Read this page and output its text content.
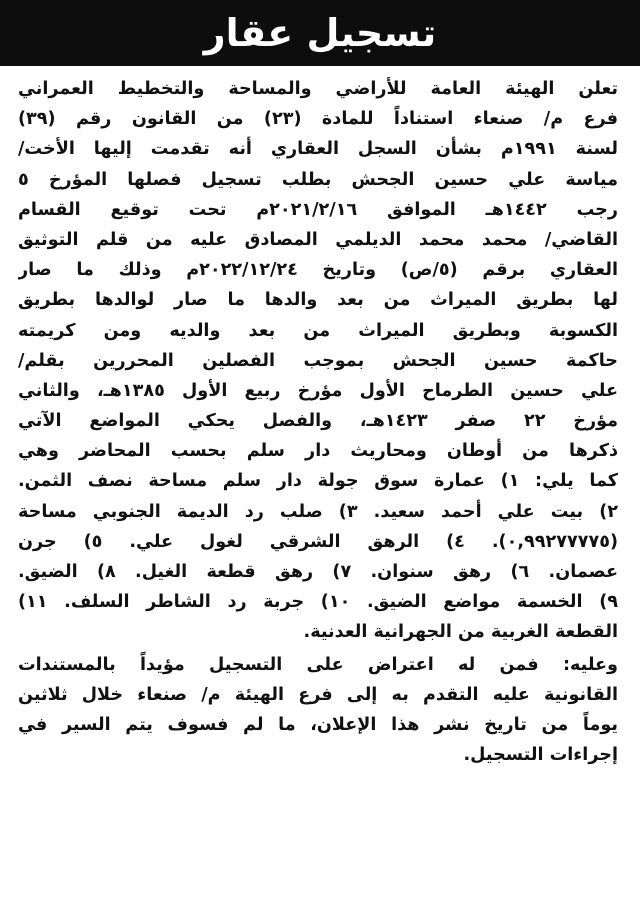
تسجيل عقار
تعلن الهيئة العامة للأراضي والمساحة والتخطيط العمراني
فرع م/ صنعاء استناداً للمادة (٢٣) من القانون رقم (٣٩)
لسنة ١٩٩١م بشأن السجل العقاري أنه تقدمت إليها الأخت/
مياسة علي حسين الجحش بطلب تسجيل فصلها المؤرخ ٥
رجب ١٤٤٢هـ الموافق ٢٠٢١/٢/١٦م تحت توقيع القسام
القاضي/ محمد محمد الديلمي المصادق عليه من قلم التوثيق
العقاري برقم (٥/ص) وتاريخ ٢٠٢٢/١٢/٢٤م وذلك ما صار
لها بطريق الميراث من بعد والدها ما صار لوالدها بطريق
الكسوبة وبطريق الميراث من بعد والديه ومن كريمته
حاكمة حسين الجحش بموجب الفصلين المحررين بقلم/
علي حسين الطرماح الأول مؤرخ ربيع الأول ١٣٨٥هـ، والثاني
مؤرخ ٢٢ صفر ١٤٢٣هـ، والفصل يحكي المواضع الآتي
ذكرها من أوطان ومحاريث دار سلم بحسب المحاضر وهي
كما يلي: ١) عمارة سوق جولة دار سلم مساحة نصف الثمن.
٢) بيت علي أحمد سعيد. ٣) صلب رد الديمة الجنوبي مساحة
(٠,٩٩٢٧٧٧٧٥). ٤) الرهق الشرقي لغول علي. ٥) جرن
عصمان. ٦) رهق سنوان. ٧) رهق قطعة الغيل. ٨) الضيق.
٩) الخسمة مواضع الضيق. ١٠) جربة رد الشاطر السلف. ١١)
القطعة الغربية من الجهرانية العدنية.
وعليه: فمن له اعتراض على التسجيل مؤيداً بالمستندات
القانونية عليه التقدم به إلى فرع الهيئة م/ صنعاء خلال ثلاثين
يوماً من تاريخ نشر هذا الإعلان، ما لم فسوف يتم السير في
إجراءات التسجيل.
